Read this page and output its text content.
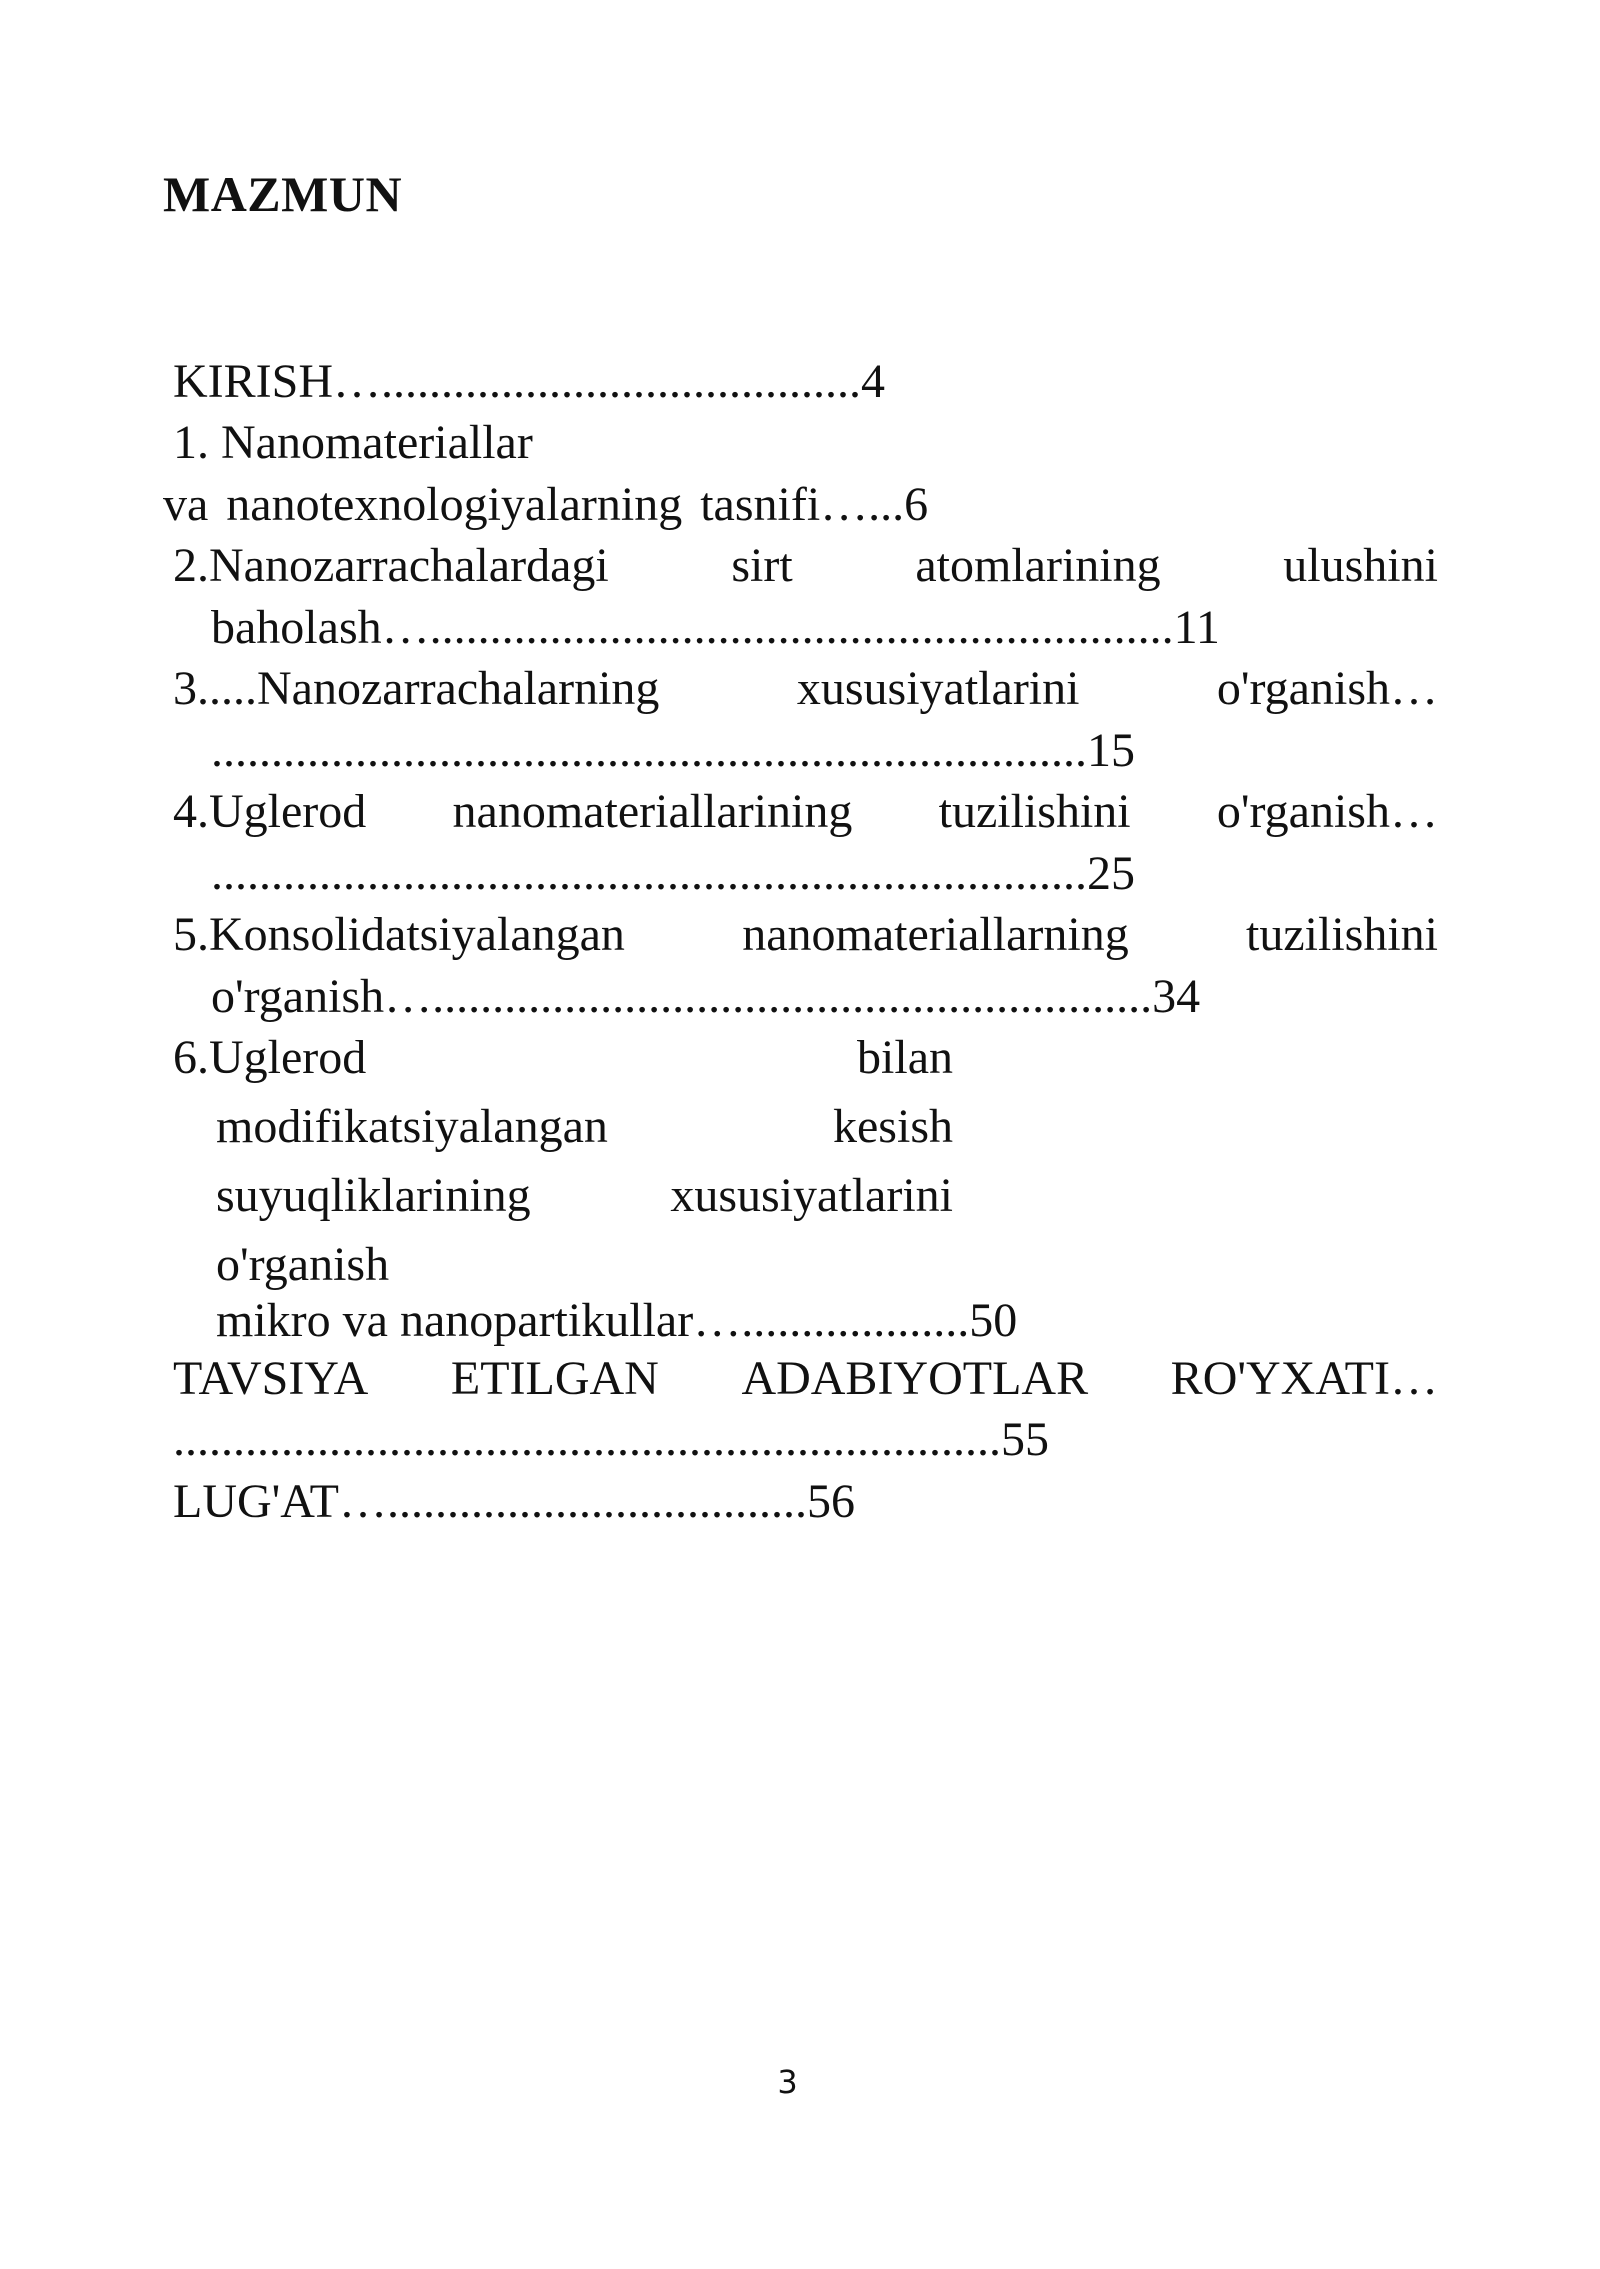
MAZMUN
KIRISH…........................................4
1. Nanomateriallar
va nanotexnologiyalarning tasnifi…...6
2.Nanozarrachalardagi	sirt	atomlarining	ulushini
baholash…..............................................................11
3.....Nanozarrachalarning	xususiyatlarini	o'rganish…
.........................................................................15
4.Uglerod nanomateriallarining tuzilishini o'rganish…
.........................................................................25
5.Konsolidatsiyalangan nanomateriallarning tuzilishini
o'rganish…............................................................34
6.Uglerod	bilan
modifikatsiyalangan	kesish
suyuqliklarining	xususiyatlarini
o'rganish
mikro va nanopartikullar…...................50
TAVSIYA ETILGAN ADABIYOTLAR RO'YXATI…
.....................................................................55
LUG'AT…...................................56
3
